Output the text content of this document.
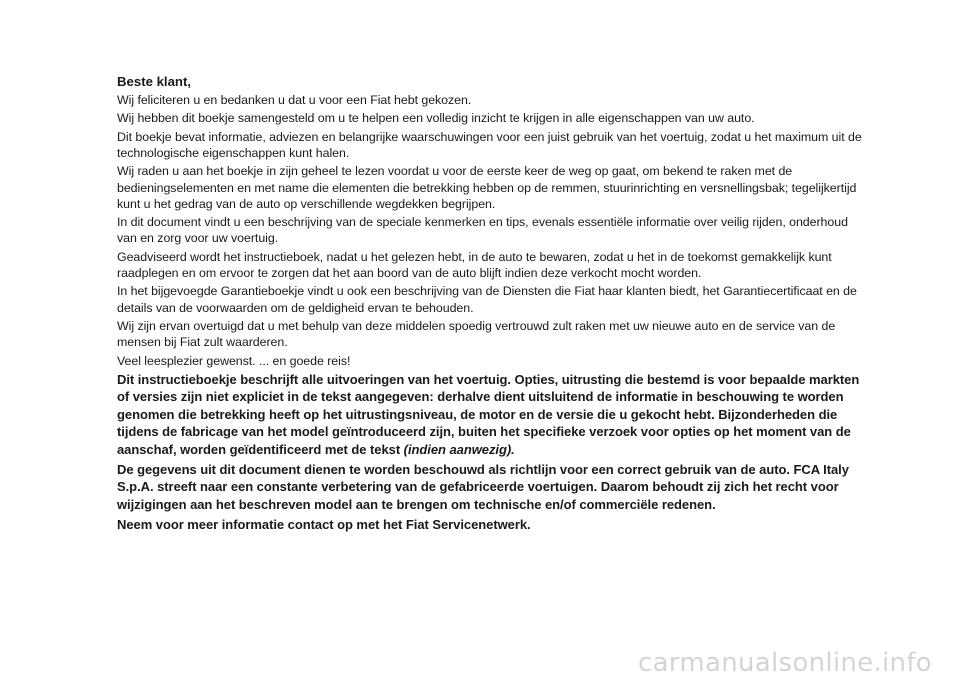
Beste klant,

Wij feliciteren u en bedanken u dat u voor een Fiat hebt gekozen.

Wij hebben dit boekje samengesteld om u te helpen een volledig inzicht te krijgen in alle eigenschappen van uw auto.

Dit boekje bevat informatie, adviezen en belangrijke waarschuwingen voor een juist gebruik van het voertuig, zodat u het maximum uit de technologische eigenschappen kunt halen.

Wij raden u aan het boekje in zijn geheel te lezen voordat u voor de eerste keer de weg op gaat, om bekend te raken met de bedieningselementen en met name die elementen die betrekking hebben op de remmen, stuurinrichting en versnellingsbak; tegelijkertijd kunt u het gedrag van de auto op verschillende wegdekken begrijpen.

In dit document vindt u een beschrijving van de speciale kenmerken en tips, evenals essentiële informatie over veilig rijden, onderhoud van en zorg voor uw voertuig.

Geadviseerd wordt het instructieboek, nadat u het gelezen hebt, in de auto te bewaren, zodat u het in de toekomst gemakkelijk kunt raadplegen en om ervoor te zorgen dat het aan boord van de auto blijft indien deze verkocht mocht worden.

In het bijgevoegde Garantieboekje vindt u ook een beschrijving van de Diensten die Fiat haar klanten biedt, het Garantiecertificaat en de details van de voorwaarden om de geldigheid ervan te behouden.

Wij zijn ervan overtuigd dat u met behulp van deze middelen spoedig vertrouwd zult raken met uw nieuwe auto en de service van de mensen bij Fiat zult waarderen.

Veel leesplezier gewenst. ... en goede reis!

Dit instructieboekje beschrijft alle uitvoeringen van het voertuig. Opties, uitrusting die bestemd is voor bepaalde markten of versies zijn niet expliciet in de tekst aangegeven: derhalve dient uitsluitend de informatie in beschouwing te worden genomen die betrekking heeft op het uitrustingsniveau, de motor en de versie die u gekocht hebt. Bijzonderheden die tijdens de fabricage van het model geïntroduceerd zijn, buiten het specifieke verzoek voor opties op het moment van de aanschaf, worden geïdentificeerd met de tekst (indien aanwezig).

De gegevens uit dit document dienen te worden beschouwd als richtlijn voor een correct gebruik van de auto. FCA Italy S.p.A. streeft naar een constante verbetering van de gefabriceerde voertuigen. Daarom behoudt zij zich het recht voor wijzigingen aan het beschreven model aan te brengen om technische en/of commerciële redenen.

Neem voor meer informatie contact op met het Fiat Servicenetwerk.

carmanualsonline.info
